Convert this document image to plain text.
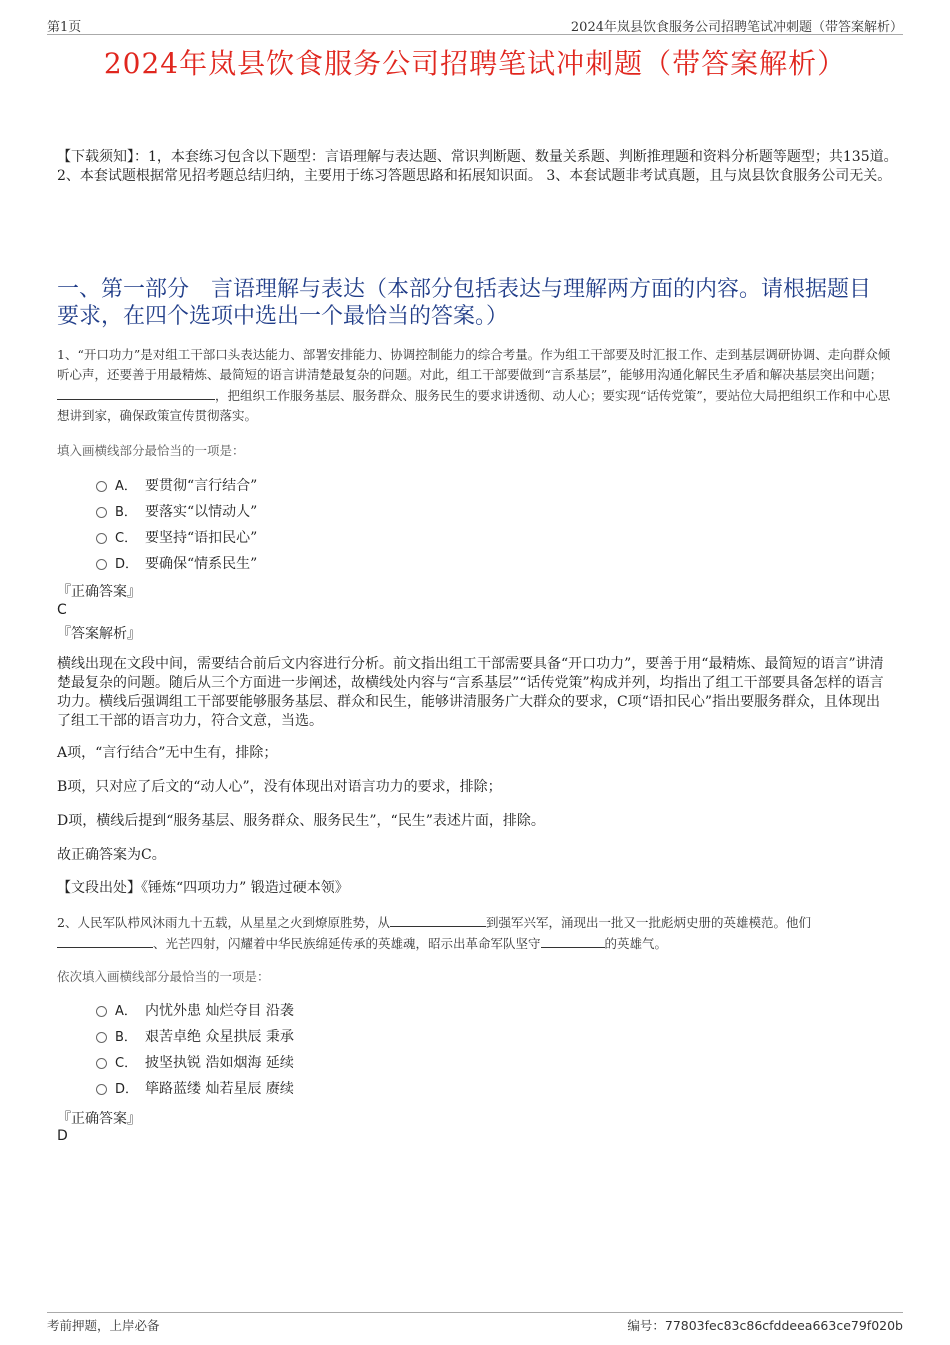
第1页	2024年岚县饮食服务公司招聘笔试冲刺题（带答案解析）
2024年岚县饮食服务公司招聘笔试冲刺题（带答案解析）
【下载须知】：1，本套练习包含以下题型：言语理解与表达题、常识判断题、数量关系题、判断推理题和资料分析题等题型；共135道。 2、本套试题根据常见招考题总结归纳，主要用于练习答题思路和拓展知识面。 3、本套试题非考试真题，且与岚县饮食服务公司无关。
一、第一部分　言语理解与表达（本部分包括表达与理解两方面的内容。请根据题目要求，在四个选项中选出一个最恰当的答案。）
1、“开口功力”是对组工干部口头表达能力、部署安排能力、协调控制能力的综合考量。作为组工干部要及时汇报工作、走到基层调研协调、走向群众倾听心声，还要善于用最精炼、最简短的语言讲清楚最复杂的问题。对此，组工干部要做到“言系基层”，能够用沟通化解民生矛盾和解决基层突出问题；，把组织工作服务基层、服务群众、服务民生的要求讲透彻、动人心；要实现“话传党策”，要站位大局把组织工作和中心思想讲到家，确保政策宣传贯彻落实。
填入画横线部分最恰当的一项是：
A． 要贯彻“言行结合”
B． 要落实“以情动人”
C． 要坚持“语扣民心”
D． 要确保“情系民生”
『正确答案』
C
『答案解析』
横线出现在文段中间，需要结合前后文内容进行分析。前文指出组工干部需要具备“开口功力”，要善于用“最精炼、最简短的语言”讲清楚最复杂的问题。随后从三个方面进一步阐述，故横线处内容与“言系基层”“话传党策”构成并列，均指出了组工干部要具备怎样的语言功力。横线后强调组工干部要能够服务基层、群众和民生，能够讲清服务广大群众的要求，C项“语扣民心”指出要服务群众，且体现出了组工干部的语言功力，符合文意，当选。
A项，“言行结合”无中生有，排除；
B项，只对应了后文的“动人心”，没有体现出对语言功力的要求，排除；
D项，横线后提到“服务基层、服务群众、服务民生”，“民生”表述片面，排除。
故正确答案为C。
【文段出处】《锤炼“四项功力” 锻造过硬本领》
2、人民军队栉风沐雨九十五载，从星星之火到燎原胜势，从	到强军兴军，涌现出一批又一批彪炳史册的英雄模范。他们、光芒四射，闪耀着中华民族绵延传承的英雄魂，昭示出革命军队坚守	的英雄气。
依次填入画横线部分最恰当的一项是：
A． 内忧外患 灿烂夺目 沿袭
B． 艰苦卓绝 众星拱辰 秉承
C． 披坚执锐 浩如烟海 延续
D． 筚路蓝缕 灿若星辰 赓续
『正确答案』
D
考前押题，上岸必备	编号：77803fec83c86cfddeea663ce79f020b
